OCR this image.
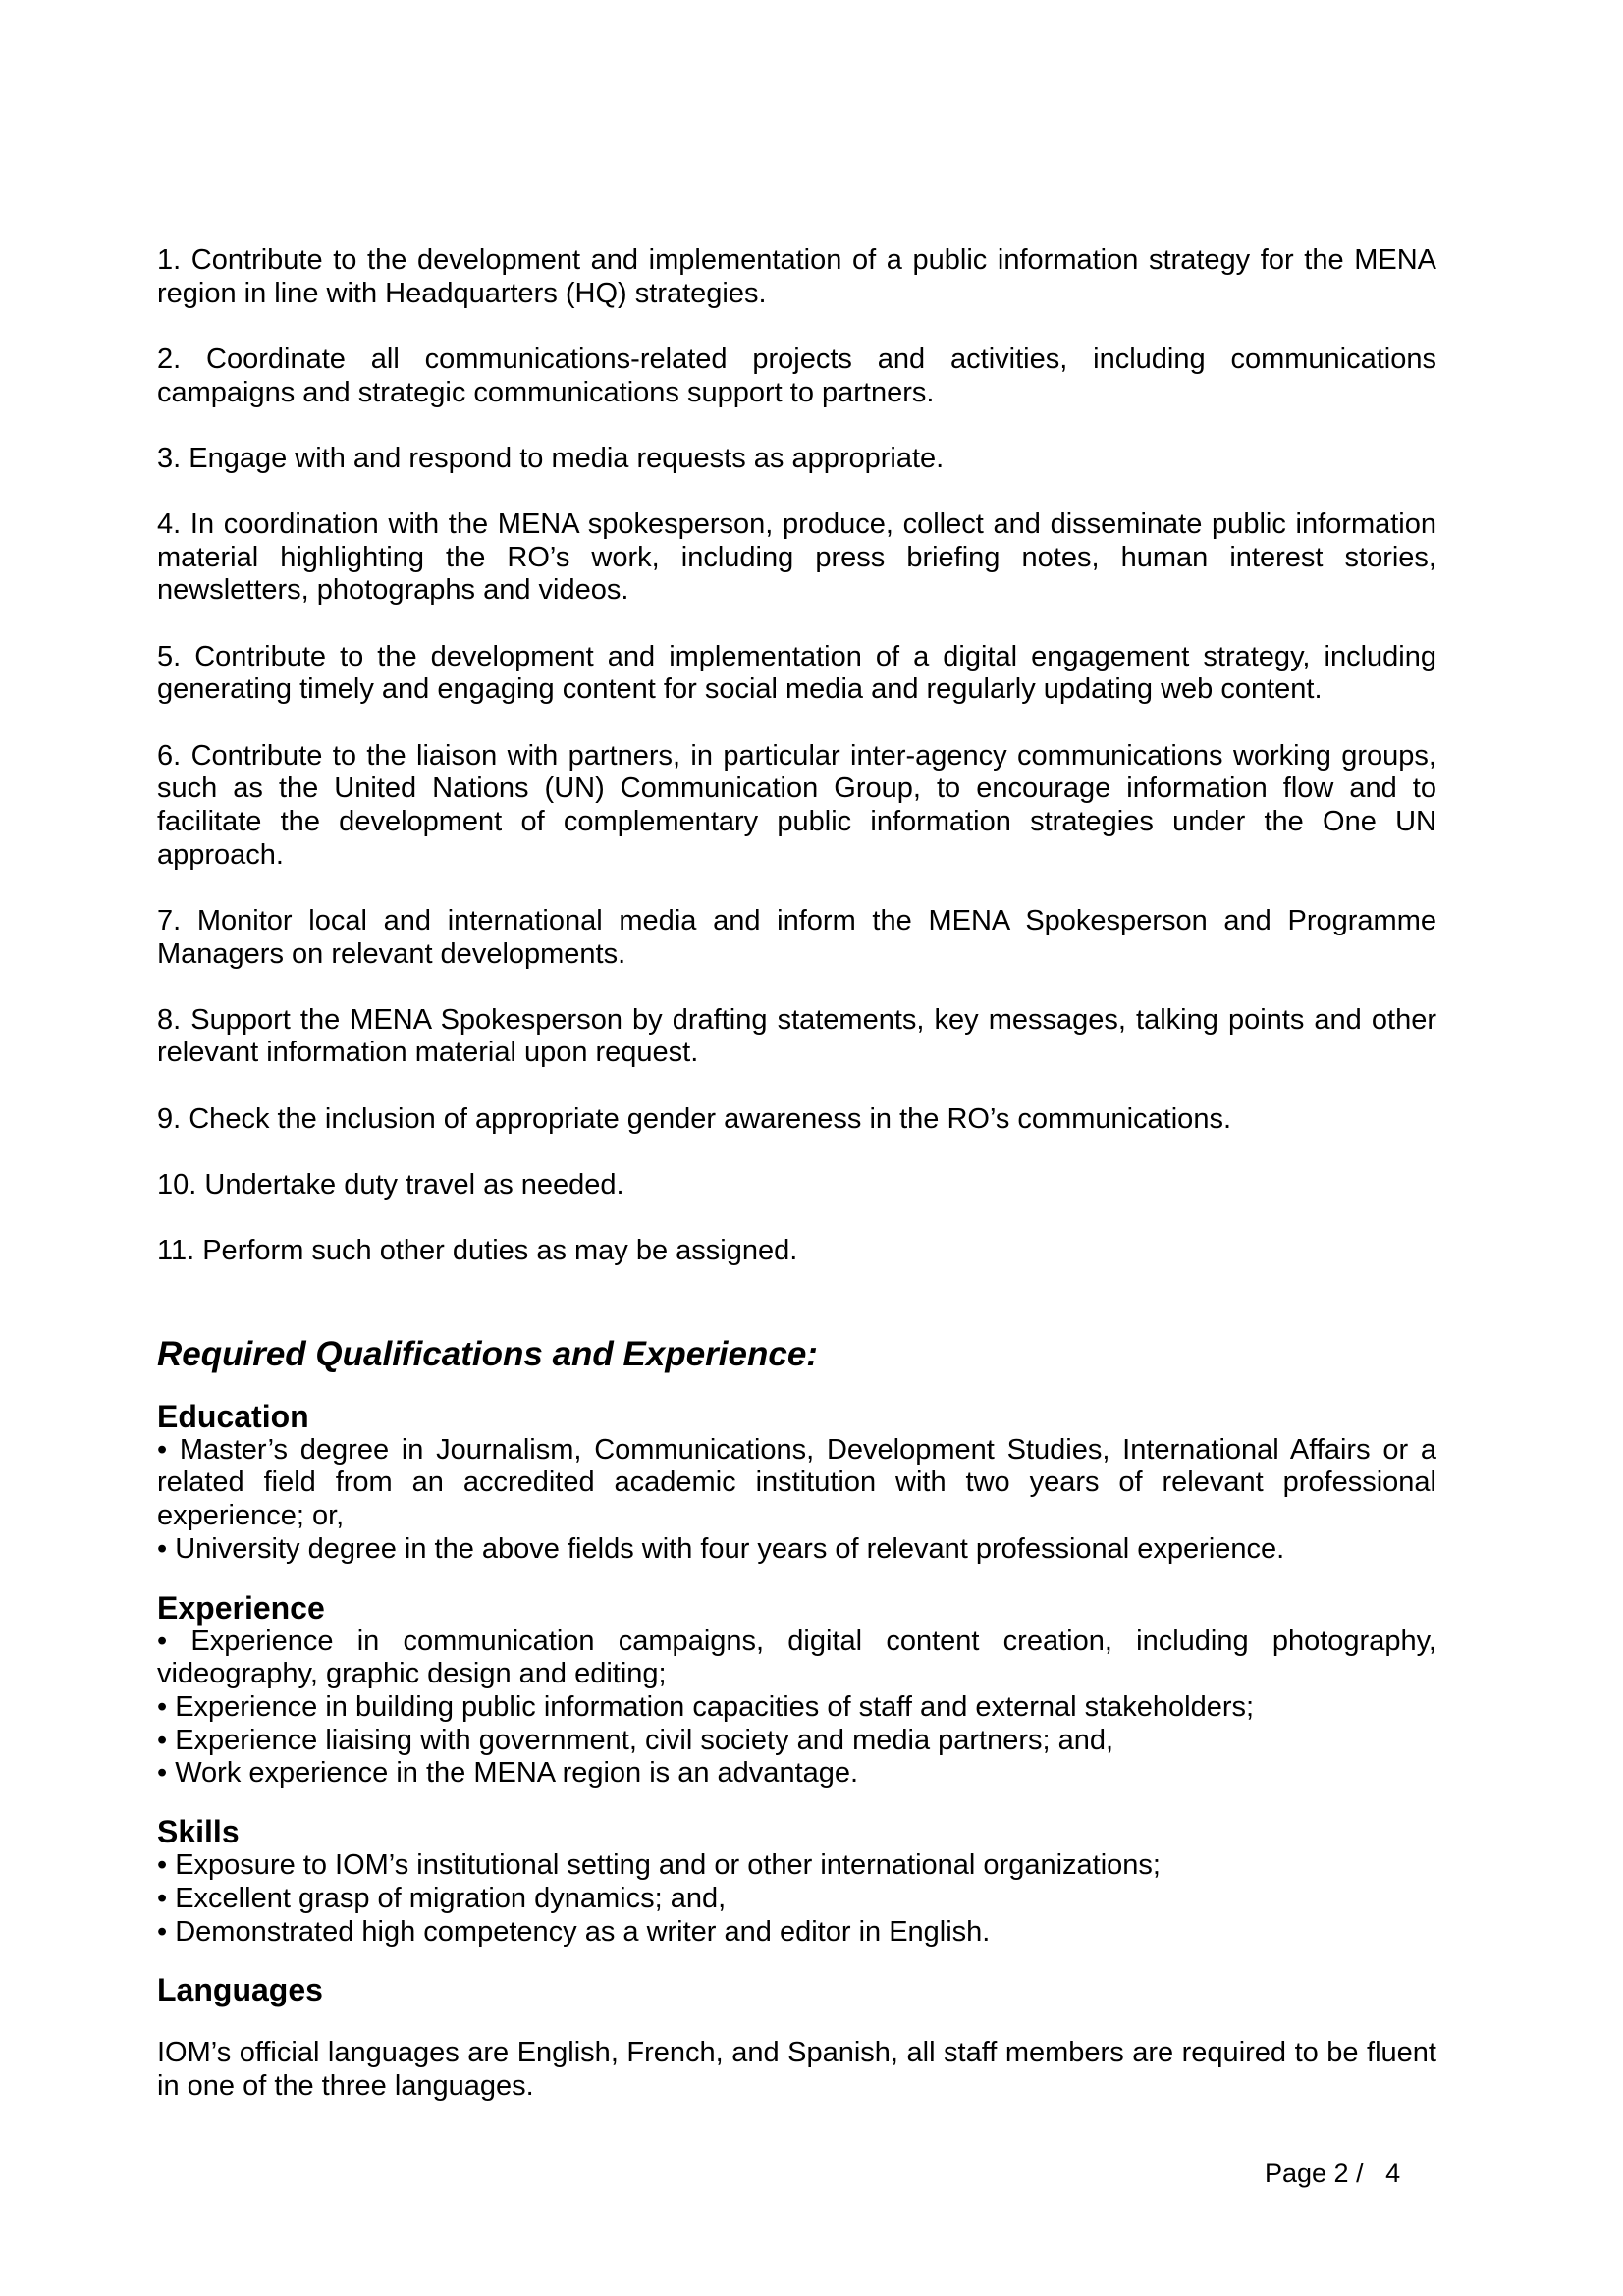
1. Contribute to the development and implementation of a public information strategy for the MENA region in line with Headquarters (HQ) strategies.

2. Coordinate all communications-related projects and activities, including communications campaigns and strategic communications support to partners.

3. Engage with and respond to media requests as appropriate.

4. In coordination with the MENA spokesperson, produce, collect and disseminate public information material highlighting the RO’s work, including press briefing notes, human interest stories, newsletters, photographs and videos.

5. Contribute to the development and implementation of a digital engagement strategy, including generating timely and engaging content for social media and regularly updating web content.

6. Contribute to the liaison with partners, in particular inter-agency communications working groups, such as the United Nations (UN) Communication Group, to encourage information flow and to facilitate the development of complementary public information strategies under the One UN approach.

7. Monitor local and international media and inform the MENA Spokesperson and Programme Managers on relevant developments.

8. Support the MENA Spokesperson by drafting statements, key messages, talking points and other relevant information material upon request.

9. Check the inclusion of appropriate gender awareness in the RO’s communications.

10. Undertake duty travel as needed.

11. Perform such other duties as may be assigned.

Required Qualifications and Experience:
Education

• Master’s degree in Journalism, Communications, Development Studies, International Affairs or a related field from an accredited academic institution with two years of relevant professional experience; or,

• University degree in the above fields with four years of relevant professional experience.

Experience

• Experience in communication campaigns, digital content creation, including photography, videography, graphic design and editing;

• Experience in building public information capacities of staff and external stakeholders;

• Experience liaising with government, civil society and media partners; and,

• Work experience in the MENA region is an advantage.

Skills

• Exposure to IOM’s institutional setting and or other international organizations;

• Excellent grasp of migration dynamics; and,

• Demonstrated high competency as a writer and editor in English.

Languages

IOM’s official languages are English, French, and Spanish, all staff members are required to be fluent in one of the three languages.

Page 2 /   4
